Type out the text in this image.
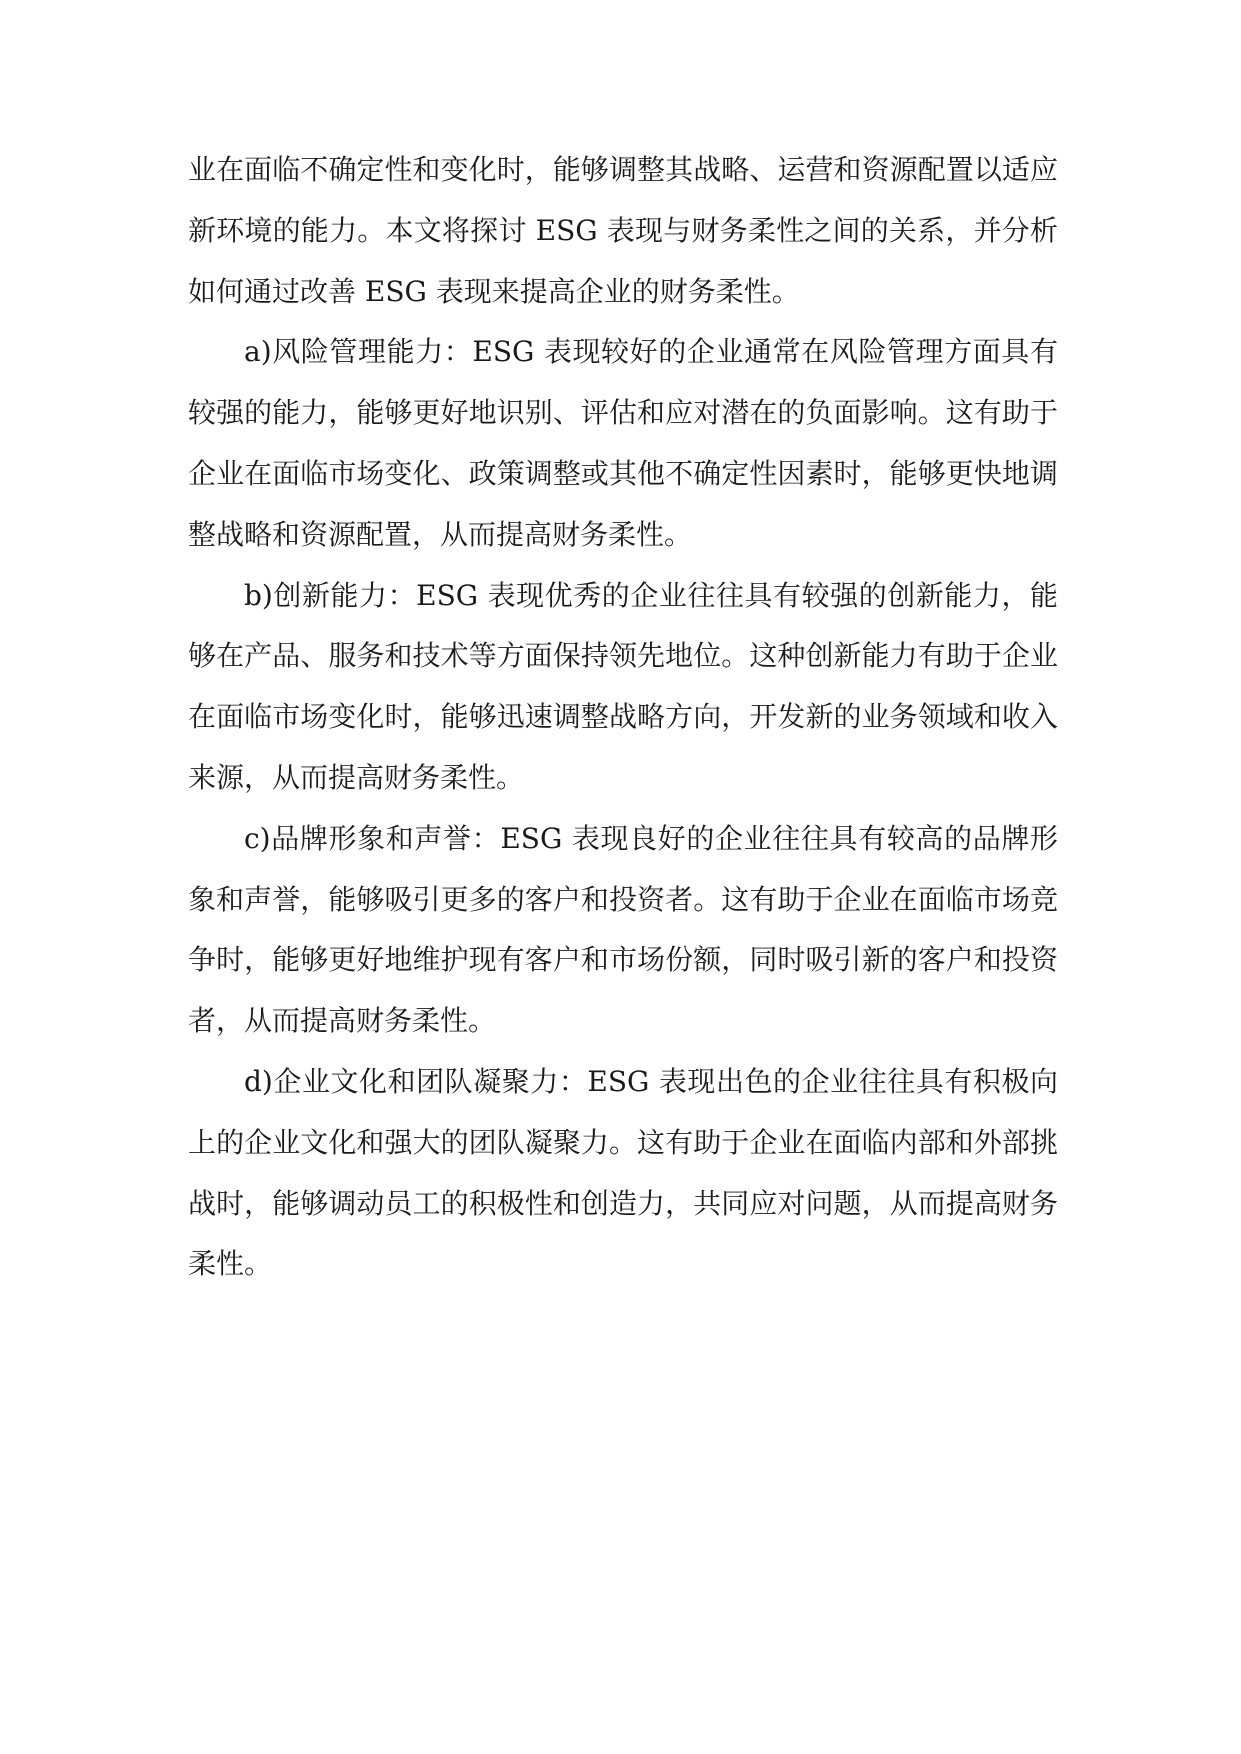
业在面临不确定性和变化时，能够调整其战略、运营和资源配置以适应新环境的能力。本文将探讨 ESG 表现与财务柔性之间的关系，并分析如何通过改善 ESG 表现来提高企业的财务柔性。

a)风险管理能力：ESG 表现较好的企业通常在风险管理方面具有较强的能力，能够更好地识别、评估和应对潜在的负面影响。这有助于企业在面临市场变化、政策调整或其他不确定性因素时，能够更快地调整战略和资源配置，从而提高财务柔性。

b)创新能力：ESG 表现优秀的企业往往具有较强的创新能力，能够在产品、服务和技术等方面保持领先地位。这种创新能力有助于企业在面临市场变化时，能够迅速调整战略方向，开发新的业务领域和收入来源，从而提高财务柔性。

c)品牌形象和声誉：ESG 表现良好的企业往往具有较高的品牌形象和声誉，能够吸引更多的客户和投资者。这有助于企业在面临市场竞争时，能够更好地维护现有客户和市场份额，同时吸引新的客户和投资者，从而提高财务柔性。

d)企业文化和团队凝聚力：ESG 表现出色的企业往往具有积极向上的企业文化和强大的团队凝聚力。这有助于企业在面临内部和外部挑战时，能够调动员工的积极性和创造力，共同应对问题，从而提高财务柔性。
